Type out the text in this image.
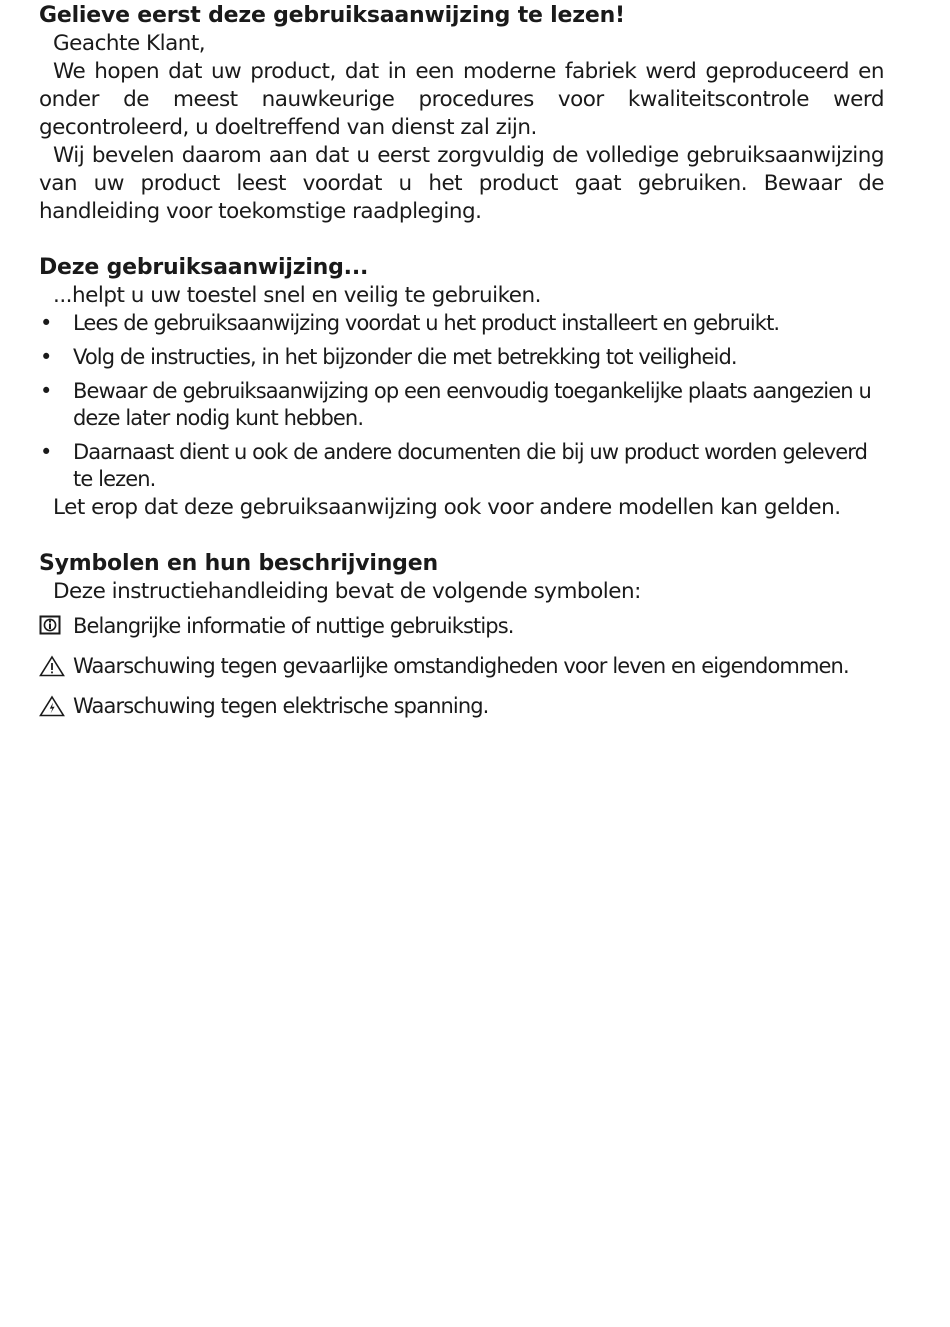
Gelieve eerst deze gebruiksaanwijzing te lezen!

Geachte Klant,

We hopen dat uw product, dat in een moderne fabriek werd geproduceerd en onder de meest nauwkeurige procedures voor kwaliteitscontrole werd gecontroleerd, u doeltreffend van dienst zal zijn.

Wij bevelen daarom aan dat u eerst zorgvuldig de volledige gebruiksaanwijzing van uw product leest voordat u het product gaat gebruiken. Bewaar de handleiding voor toekomstige raadpleging.

Deze gebruiksaanwijzing...

...helpt u uw toestel snel en veilig te gebruiken.

• Lees de gebruiksaanwijzing voordat u het product installeert en gebruikt.
• Volg de instructies, in het bijzonder die met betrekking tot veiligheid.
• Bewaar de gebruiksaanwijzing op een eenvoudig toegankelijke plaats aangezien u deze later nodig kunt hebben.
• Daarnaast dient u ook de andere documenten die bij uw product worden geleverd te lezen.

Let erop dat deze gebruiksaanwijzing ook voor andere modellen kan gelden.

Symbolen en hun beschrijvingen

Deze instructiehandleiding bevat de volgende symbolen:

Belangrijke informatie of nuttige gebruikstips.
Waarschuwing tegen gevaarlijke omstandigheden voor leven en eigendommen.
Waarschuwing tegen elektrische spanning.
